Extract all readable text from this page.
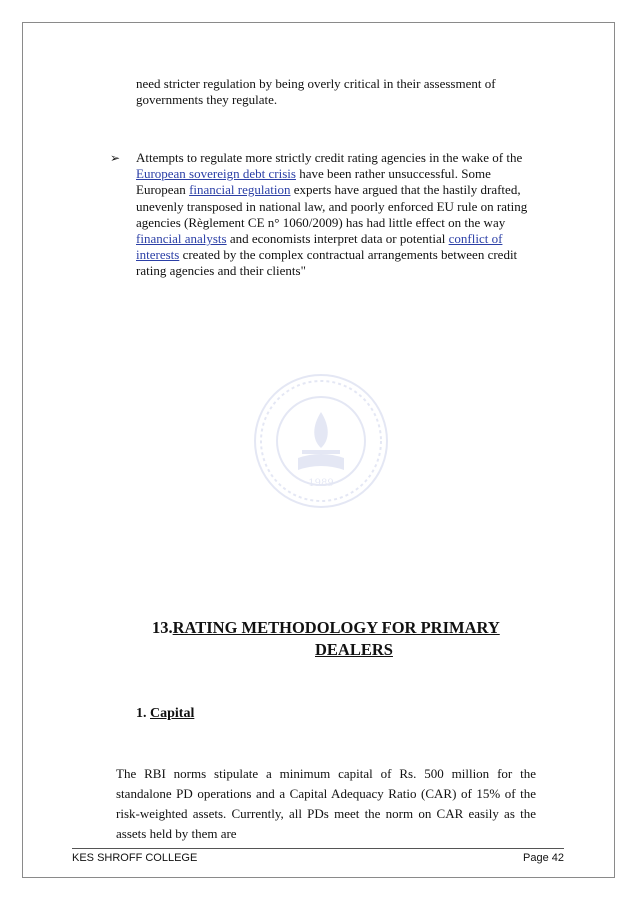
1989

need stricter regulation by being overly critical in their assessment of
governments they regulate.

➢ Attempts to regulate more strictly credit rating agencies in the wake of the European sovereign debt crisis have been rather unsuccessful. Some European financial regulation experts have argued that the hastily drafted, unevenly transposed in national law, and poorly enforced EU rule on rating agencies (Règlement CE n° 1060/2009) has had little effect on the way financial analysts and economists interpret data or potential conflict of interests created by the complex contractual arrangements between credit rating agencies and their clients"

13.RATING METHODOLOGY FOR PRIMARY
DEALERS
1. Capital

The RBI norms stipulate a minimum capital of Rs. 500 million for the standalone PD operations and a Capital Adequacy Ratio (CAR) of 15% of the risk-weighted assets. Currently, all PDs meet the norm on CAR easily as the assets held by them are

KES SHROFF COLLEGE	Page 42
